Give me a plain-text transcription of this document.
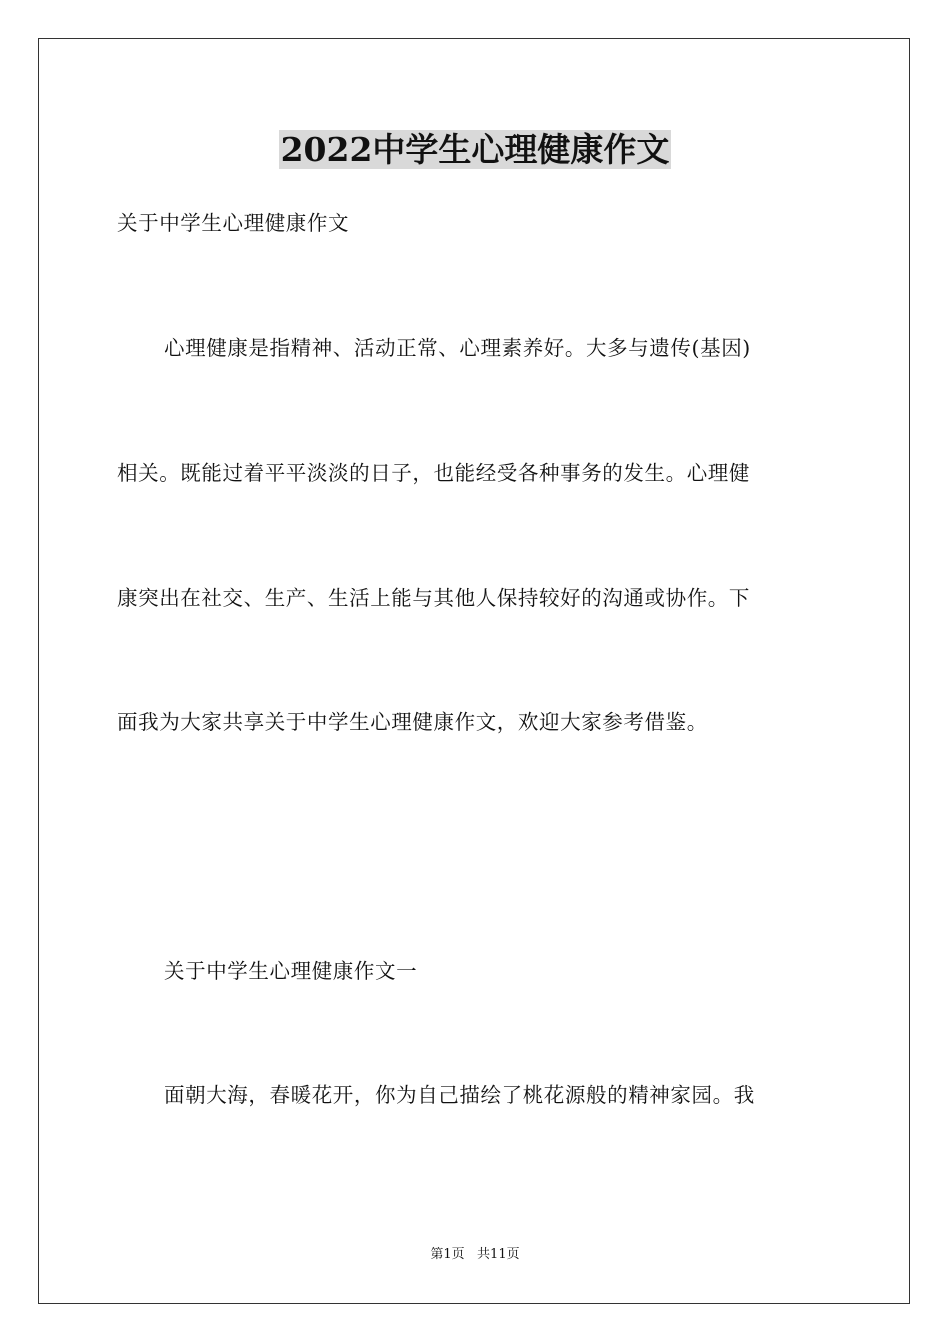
2022中学生心理健康作文

关于中学生心理健康作文

心理健康是指精神、活动正常、心理素养好。大多与遗传(基因)

相关。既能过着平平淡淡的日子，也能经受各种事务的发生。心理健

康突出在社交、生产、生活上能与其他人保持较好的沟通或协作。下

面我为大家共享关于中学生心理健康作文，欢迎大家参考借鉴。

关于中学生心理健康作文一

面朝大海，春暖花开，你为自己描绘了桃花源般的精神家园。我

第1页   共11页
